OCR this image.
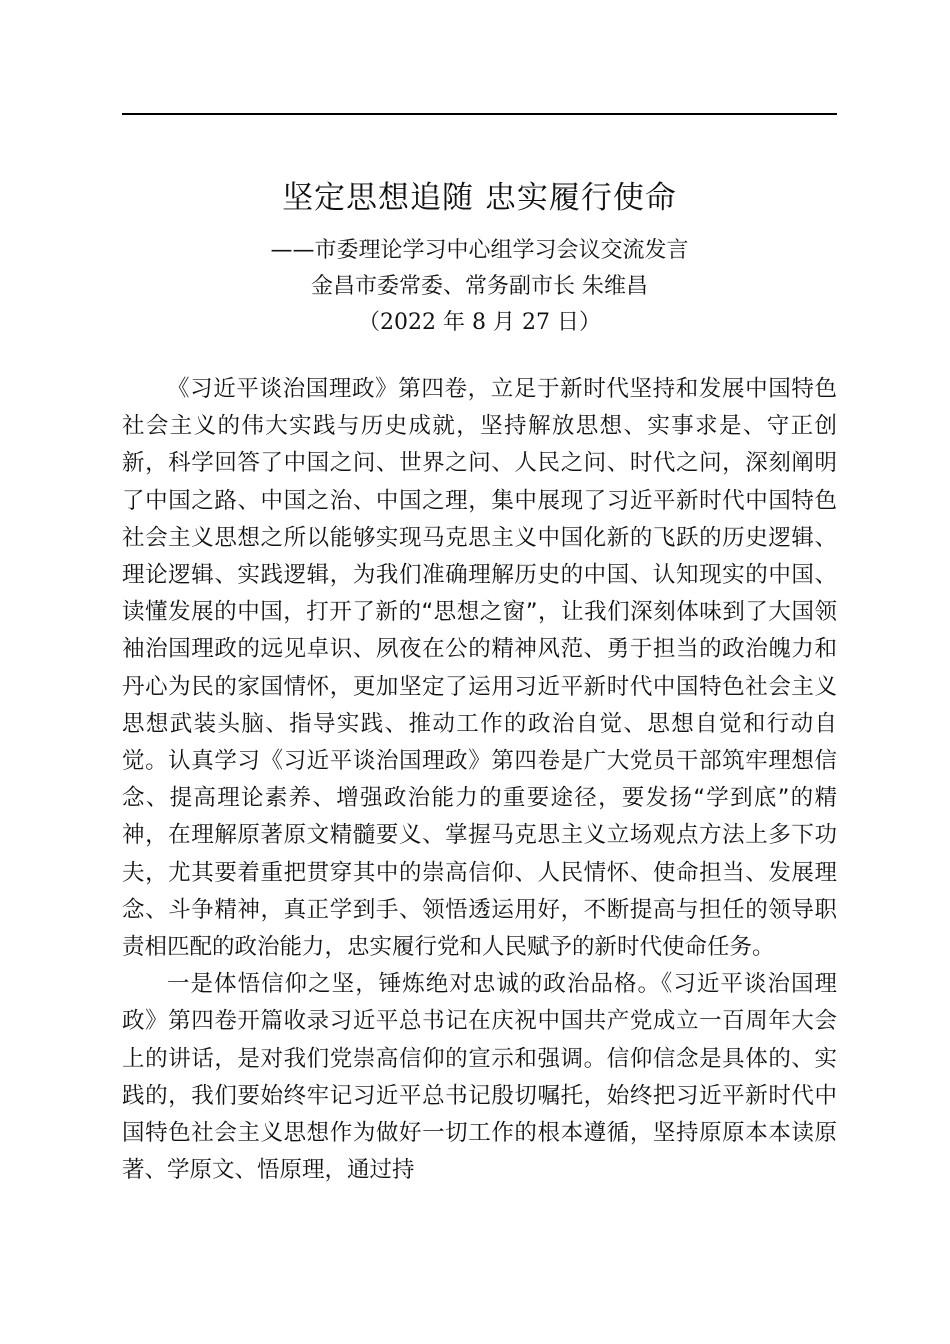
坚定思想追随 忠实履行使命
——市委理论学习中心组学习会议交流发言
金昌市委常委、常务副市长 朱维昌
（2022 年 8 月 27 日）

《习近平谈治国理政》第四卷，立足于新时代坚持和发展中国特色社会主义的伟大实践与历史成就，坚持解放思想、实事求是、守正创新，科学回答了中国之问、世界之问、人民之问、时代之问，深刻阐明了中国之路、中国之治、中国之理，集中展现了习近平新时代中国特色社会主义思想之所以能够实现马克思主义中国化新的飞跃的历史逻辑、理论逻辑、实践逻辑，为我们准确理解历史的中国、认知现实的中国、读懂发展的中国，打开了新的“思想之窗”，让我们深刻体味到了大国领袖治国理政的远见卓识、夙夜在公的精神风范、勇于担当的政治魄力和丹心为民的家国情怀，更加坚定了运用习近平新时代中国特色社会主义思想武装头脑、指导实践、推动工作的政治自觉、思想自觉和行动自觉。认真学习《习近平谈治国理政》第四卷是广大党员干部筑牢理想信念、提高理论素养、增强政治能力的重要途径，要发扬“学到底”的精神，在理解原著原文精髓要义、掌握马克思主义立场观点方法上多下功夫，尤其要着重把贯穿其中的崇高信仰、人民情怀、使命担当、发展理念、斗争精神，真正学到手、领悟透运用好，不断提高与担任的领导职责相匹配的政治能力，忠实履行党和人民赋予的新时代使命任务。

一是体悟信仰之坚，锤炼绝对忠诚的政治品格。《习近平谈治国理政》第四卷开篇收录习近平总书记在庆祝中国共产党成立一百周年大会上的讲话，是对我们党崇高信仰的宣示和强调。信仰信念是具体的、实践的，我们要始终牢记习近平总书记殷切嘱托，始终把习近平新时代中国特色社会主义思想作为做好一切工作的根本遵循，坚持原原本本读原著、学原文、悟原理，通过持
